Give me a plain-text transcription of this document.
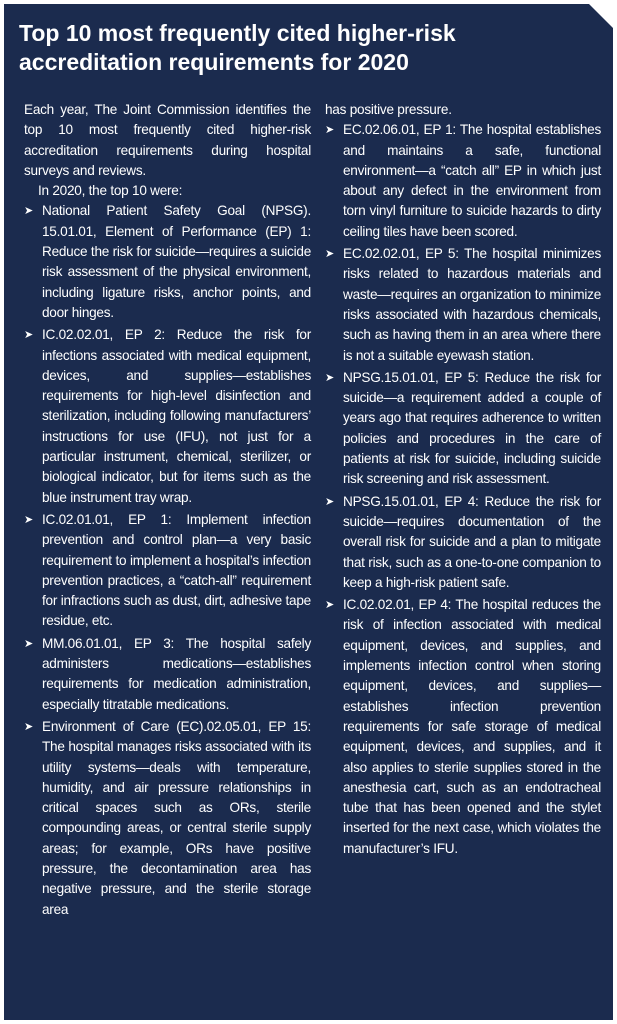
Top 10 most frequently cited higher-risk accreditation requirements for 2020

Each year, The Joint Commission identifies the top 10 most frequently cited higher-risk accreditation requirements during hospital surveys and reviews.

In 2020, the top 10 were:

➤ National Patient Safety Goal (NPSG). 15.01.01, Element of Performance (EP) 1: Reduce the risk for suicide—requires a suicide risk assessment of the physical environment, including ligature risks, anchor points, and door hinges.
➤ IC.02.02.01, EP 2: Reduce the risk for infections associated with medical equipment, devices, and supplies—establishes requirements for high-level disinfection and sterilization, including following manufacturers’ instructions for use (IFU), not just for a particular instrument, chemical, sterilizer, or biological indicator, but for items such as the blue instrument tray wrap.
➤ IC.02.01.01, EP 1: Implement infection prevention and control plan—a very basic requirement to implement a hospital’s infection prevention practices, a “catch-all” requirement for infractions such as dust, dirt, adhesive tape residue, etc.
➤ MM.06.01.01, EP 3: The hospital safely administers medications—establishes requirements for medication administration, especially titratable medications.
➤ Environment of Care (EC).02.05.01, EP 15: The hospital manages risks associated with its utility systems—deals with temperature, humidity, and air pressure relationships in critical spaces such as ORs, sterile compounding areas, or central sterile supply areas; for example, ORs have positive pressure, the decontamination area has negative pressure, and the sterile storage area

has positive pressure.

➤ EC.02.06.01, EP 1: The hospital establishes and maintains a safe, functional environment—a “catch all” EP in which just about any defect in the environment from torn vinyl furniture to suicide hazards to dirty ceiling tiles have been scored.
➤ EC.02.02.01, EP 5: The hospital minimizes risks related to hazardous materials and waste—requires an organization to minimize risks associated with hazardous chemicals, such as having them in an area where there is not a suitable eyewash station.
➤ NPSG.15.01.01, EP 5: Reduce the risk for suicide—a requirement added a couple of years ago that requires adherence to written policies and procedures in the care of patients at risk for suicide, including suicide risk screening and risk assessment.
➤ NPSG.15.01.01, EP 4: Reduce the risk for suicide—requires documentation of the overall risk for suicide and a plan to mitigate that risk, such as a one-to-one companion to keep a high-risk patient safe.
➤ IC.02.02.01, EP 4: The hospital reduces the risk of infection associated with medical equipment, devices, and supplies, and implements infection control when storing equipment, devices, and supplies—establishes infection prevention requirements for safe storage of medical equipment, devices, and supplies, and it also applies to sterile supplies stored in the anesthesia cart, such as an endotracheal tube that has been opened and the stylet inserted for the next case, which violates the manufacturer’s IFU.
